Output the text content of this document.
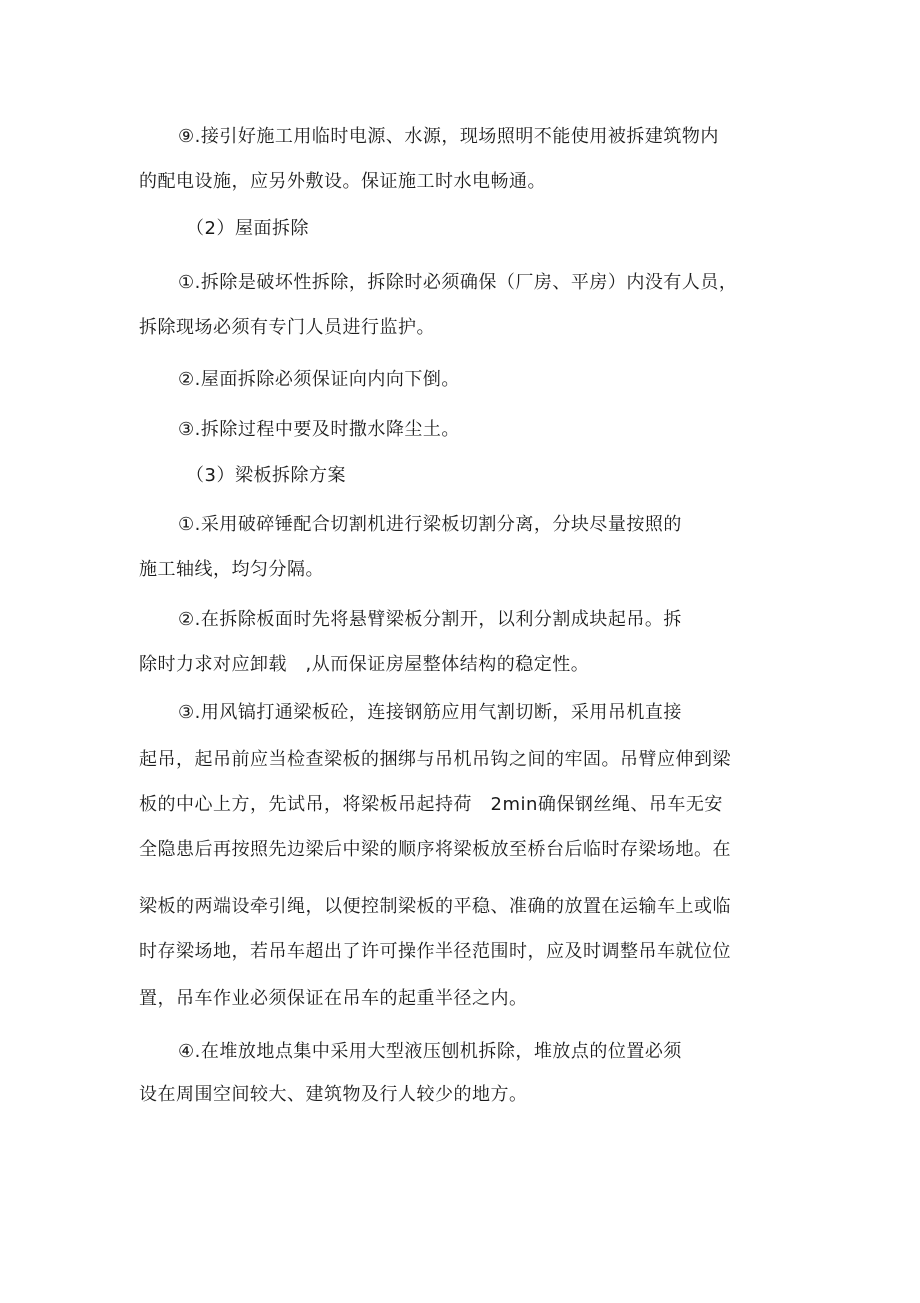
⑨.接引好施工用临时电源、水源，现场照明不能使用被拆建筑物内
的配电设施，应另外敷设。保证施工时水电畅通。
（2）屋面拆除
①.拆除是破坏性拆除，拆除时必须确保（厂房、平房）内没有人员，
拆除现场必须有专门人员进行监护。
②.屋面拆除必须保证向内向下倒。
③.拆除过程中要及时撒水降尘土。
（3）梁板拆除方案
①.采用破碎锤配合切割机进行梁板切割分离，分块尽量按照的
施工轴线，均匀分隔。
②.在拆除板面时先将悬臂梁板分割开，以利分割成块起吊。拆
除时力求对应卸载　,从而保证房屋整体结构的稳定性。
③.用风镐打通梁板砼，连接钢筋应用气割切断，采用吊机直接
起吊，起吊前应当检查梁板的捆绑与吊机吊钩之间的牢固。吊臂应伸到梁
板的中心上方，先试吊，将梁板吊起持荷　2min确保钢丝绳、吊车无安
全隐患后再按照先边梁后中梁的顺序将梁板放至桥台后临时存梁场地。在
梁板的两端设牵引绳，以便控制梁板的平稳、准确的放置在运输车上或临
时存梁场地，若吊车超出了许可操作半径范围时，应及时调整吊车就位位
置，吊车作业必须保证在吊车的起重半径之内。
④.在堆放地点集中采用大型液压刨机拆除，堆放点的位置必须
设在周围空间较大、建筑物及行人较少的地方。
